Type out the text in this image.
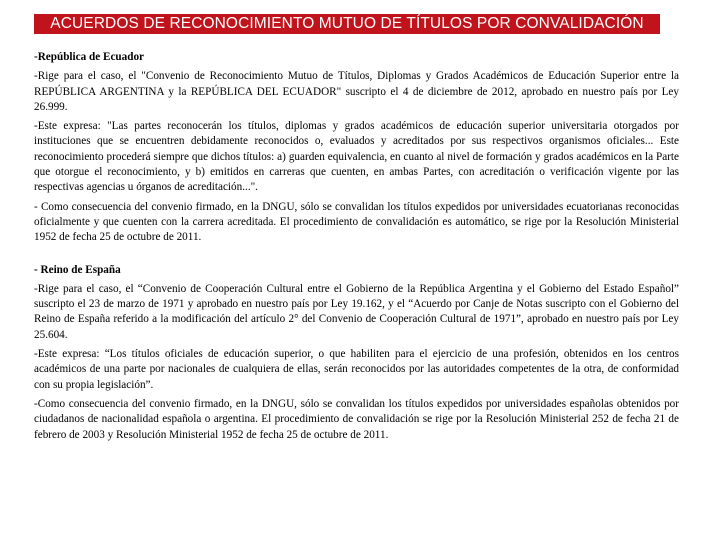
ACUERDOS DE RECONOCIMIENTO MUTUO DE TÍTULOS POR CONVALIDACIÓN
-República de Ecuador
-Rige para el caso, el "Convenio de Reconocimiento Mutuo de Títulos, Diplomas y Grados Académicos de Educación Superior entre la REPÚBLICA ARGENTINA y la REPÚBLICA DEL ECUADOR" suscripto el 4 de diciembre de 2012, aprobado en nuestro país por Ley 26.999.
-Este expresa: "Las partes reconocerán los títulos, diplomas y grados académicos de educación superior universitaria otorgados por instituciones que se encuentren debidamente reconocidos o, evaluados y acreditados por sus respectivos organismos oficiales... Este reconocimiento procederá siempre que dichos títulos: a) guarden equivalencia, en cuanto al nivel de formación y grados académicos en la Parte que otorgue el reconocimiento, y b) emitidos en carreras que cuenten, en ambas Partes, con acreditación o verificación vigente por las respectivas agencias u órganos de acreditación...".
- Como consecuencia del convenio firmado, en la DNGU, sólo se convalidan los títulos expedidos por universidades ecuatorianas reconocidas oficialmente y que cuenten con la carrera acreditada. El procedimiento de convalidación es automático, se rige por la Resolución Ministerial 1952 de fecha 25 de octubre de 2011.
- Reino de España
-Rige para el caso, el “Convenio de Cooperación Cultural entre el Gobierno de la República Argentina y el Gobierno del Estado Español” suscripto el 23 de marzo de 1971 y aprobado en nuestro país por Ley 19.162, y el “Acuerdo por Canje de Notas suscripto con el Gobierno del Reino de España referido a la modificación del artículo 2° del Convenio de Cooperación Cultural de 1971”, aprobado en nuestro país por Ley 25.604.
-Este expresa: “Los títulos oficiales de educación superior, o que habiliten para el ejercicio de una profesión, obtenidos en los centros académicos de una parte por nacionales de cualquiera de ellas, serán reconocidos por las autoridades competentes de la otra, de conformidad con su propia legislación”.
-Como consecuencia del convenio firmado, en la DNGU, sólo se convalidan los títulos expedidos por universidades españolas obtenidos por ciudadanos de nacionalidad española o argentina. El procedimiento de convalidación se rige por la Resolución Ministerial 252 de fecha 21 de febrero de 2003 y Resolución Ministerial 1952 de fecha 25 de octubre de 2011.
